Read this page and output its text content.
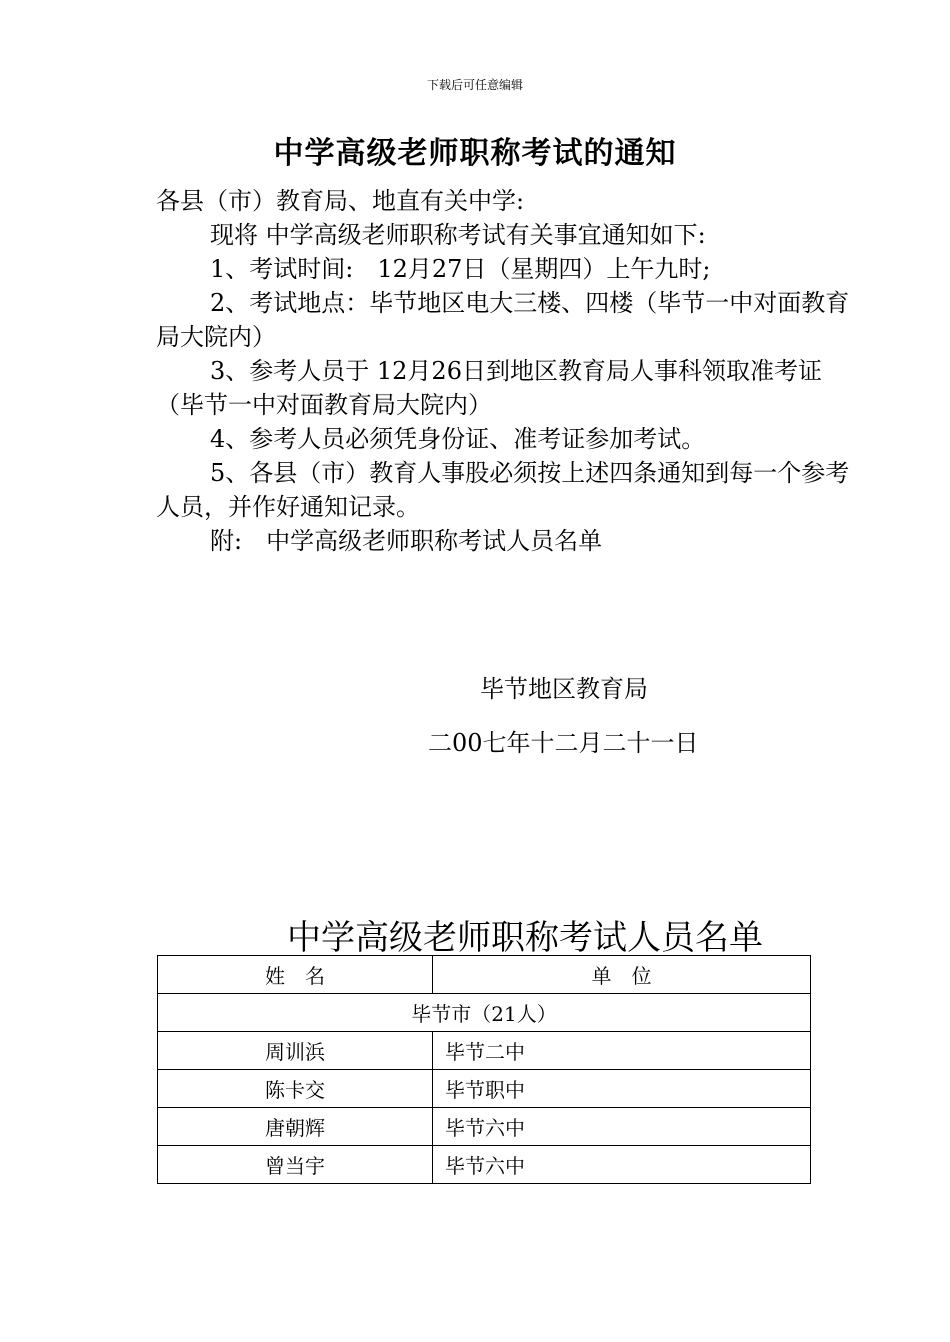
下载后可任意编辑
中学高级老师职称考试的通知
各县（市）教育局、地直有关中学:
现将 中学高级老师职称考试有关事宜通知如下:
1、考试时间:　12月27日（星期四）上午九时;
2、考试地点：毕节地区电大三楼、四楼（毕节一中对面教育局大院内）
3、参考人员于 12月26日到地区教育局人事科领取准考证（毕节一中对面教育局大院内）
4、参考人员必须凭身份证、准考证参加考试。
5、各县（市）教育人事股必须按上述四条通知到每一个参考人员，并作好通知记录。
附:　中学高级老师职称考试人员名单
毕节地区教育局
二00七年十二月二十一日
中学高级老师职称考试人员名单
姓　名	单　位
毕节市（21人）	
周训浜	毕节二中
陈卡交	毕节职中
唐朝辉	毕节六中
曾当宇	毕节六中
